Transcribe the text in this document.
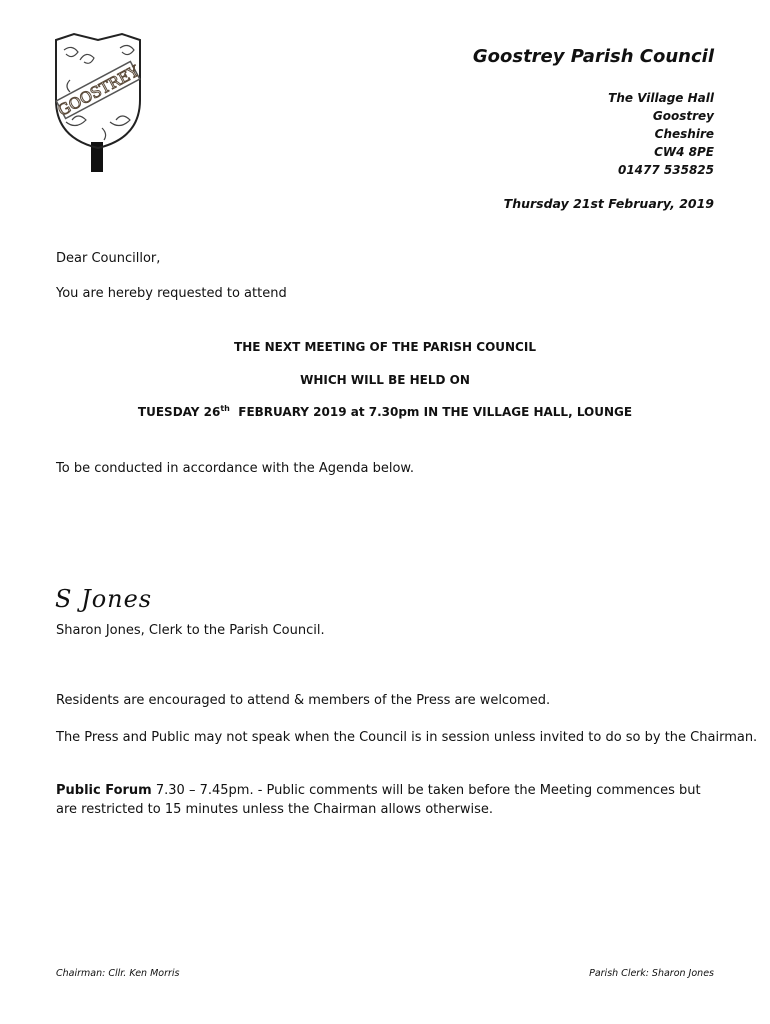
GOOSTREY
Goostrey Parish Council
The Village Hall
Goostrey
Cheshire
CW4 8PE
01477 535825
Thursday 21st February, 2019
Dear Councillor,
You are hereby requested to attend
THE NEXT MEETING OF THE PARISH COUNCIL
WHICH WILL BE HELD ON
TUESDAY 26th  FEBRUARY 2019 at 7.30pm IN THE VILLAGE HALL, LOUNGE
To be conducted in accordance with the Agenda below.
S Jones
Sharon Jones, Clerk to the Parish Council.
Residents are encouraged to attend & members of the Press are welcomed.
The Press and Public may not speak when the Council is in session unless invited to do so by the Chairman.
Public Forum 7.30 – 7.45pm. - Public comments will be taken before the Meeting commences but are restricted to 15 minutes unless the Chairman allows otherwise.
Chairman: Cllr. Ken Morris	Parish Clerk: Sharon Jones
